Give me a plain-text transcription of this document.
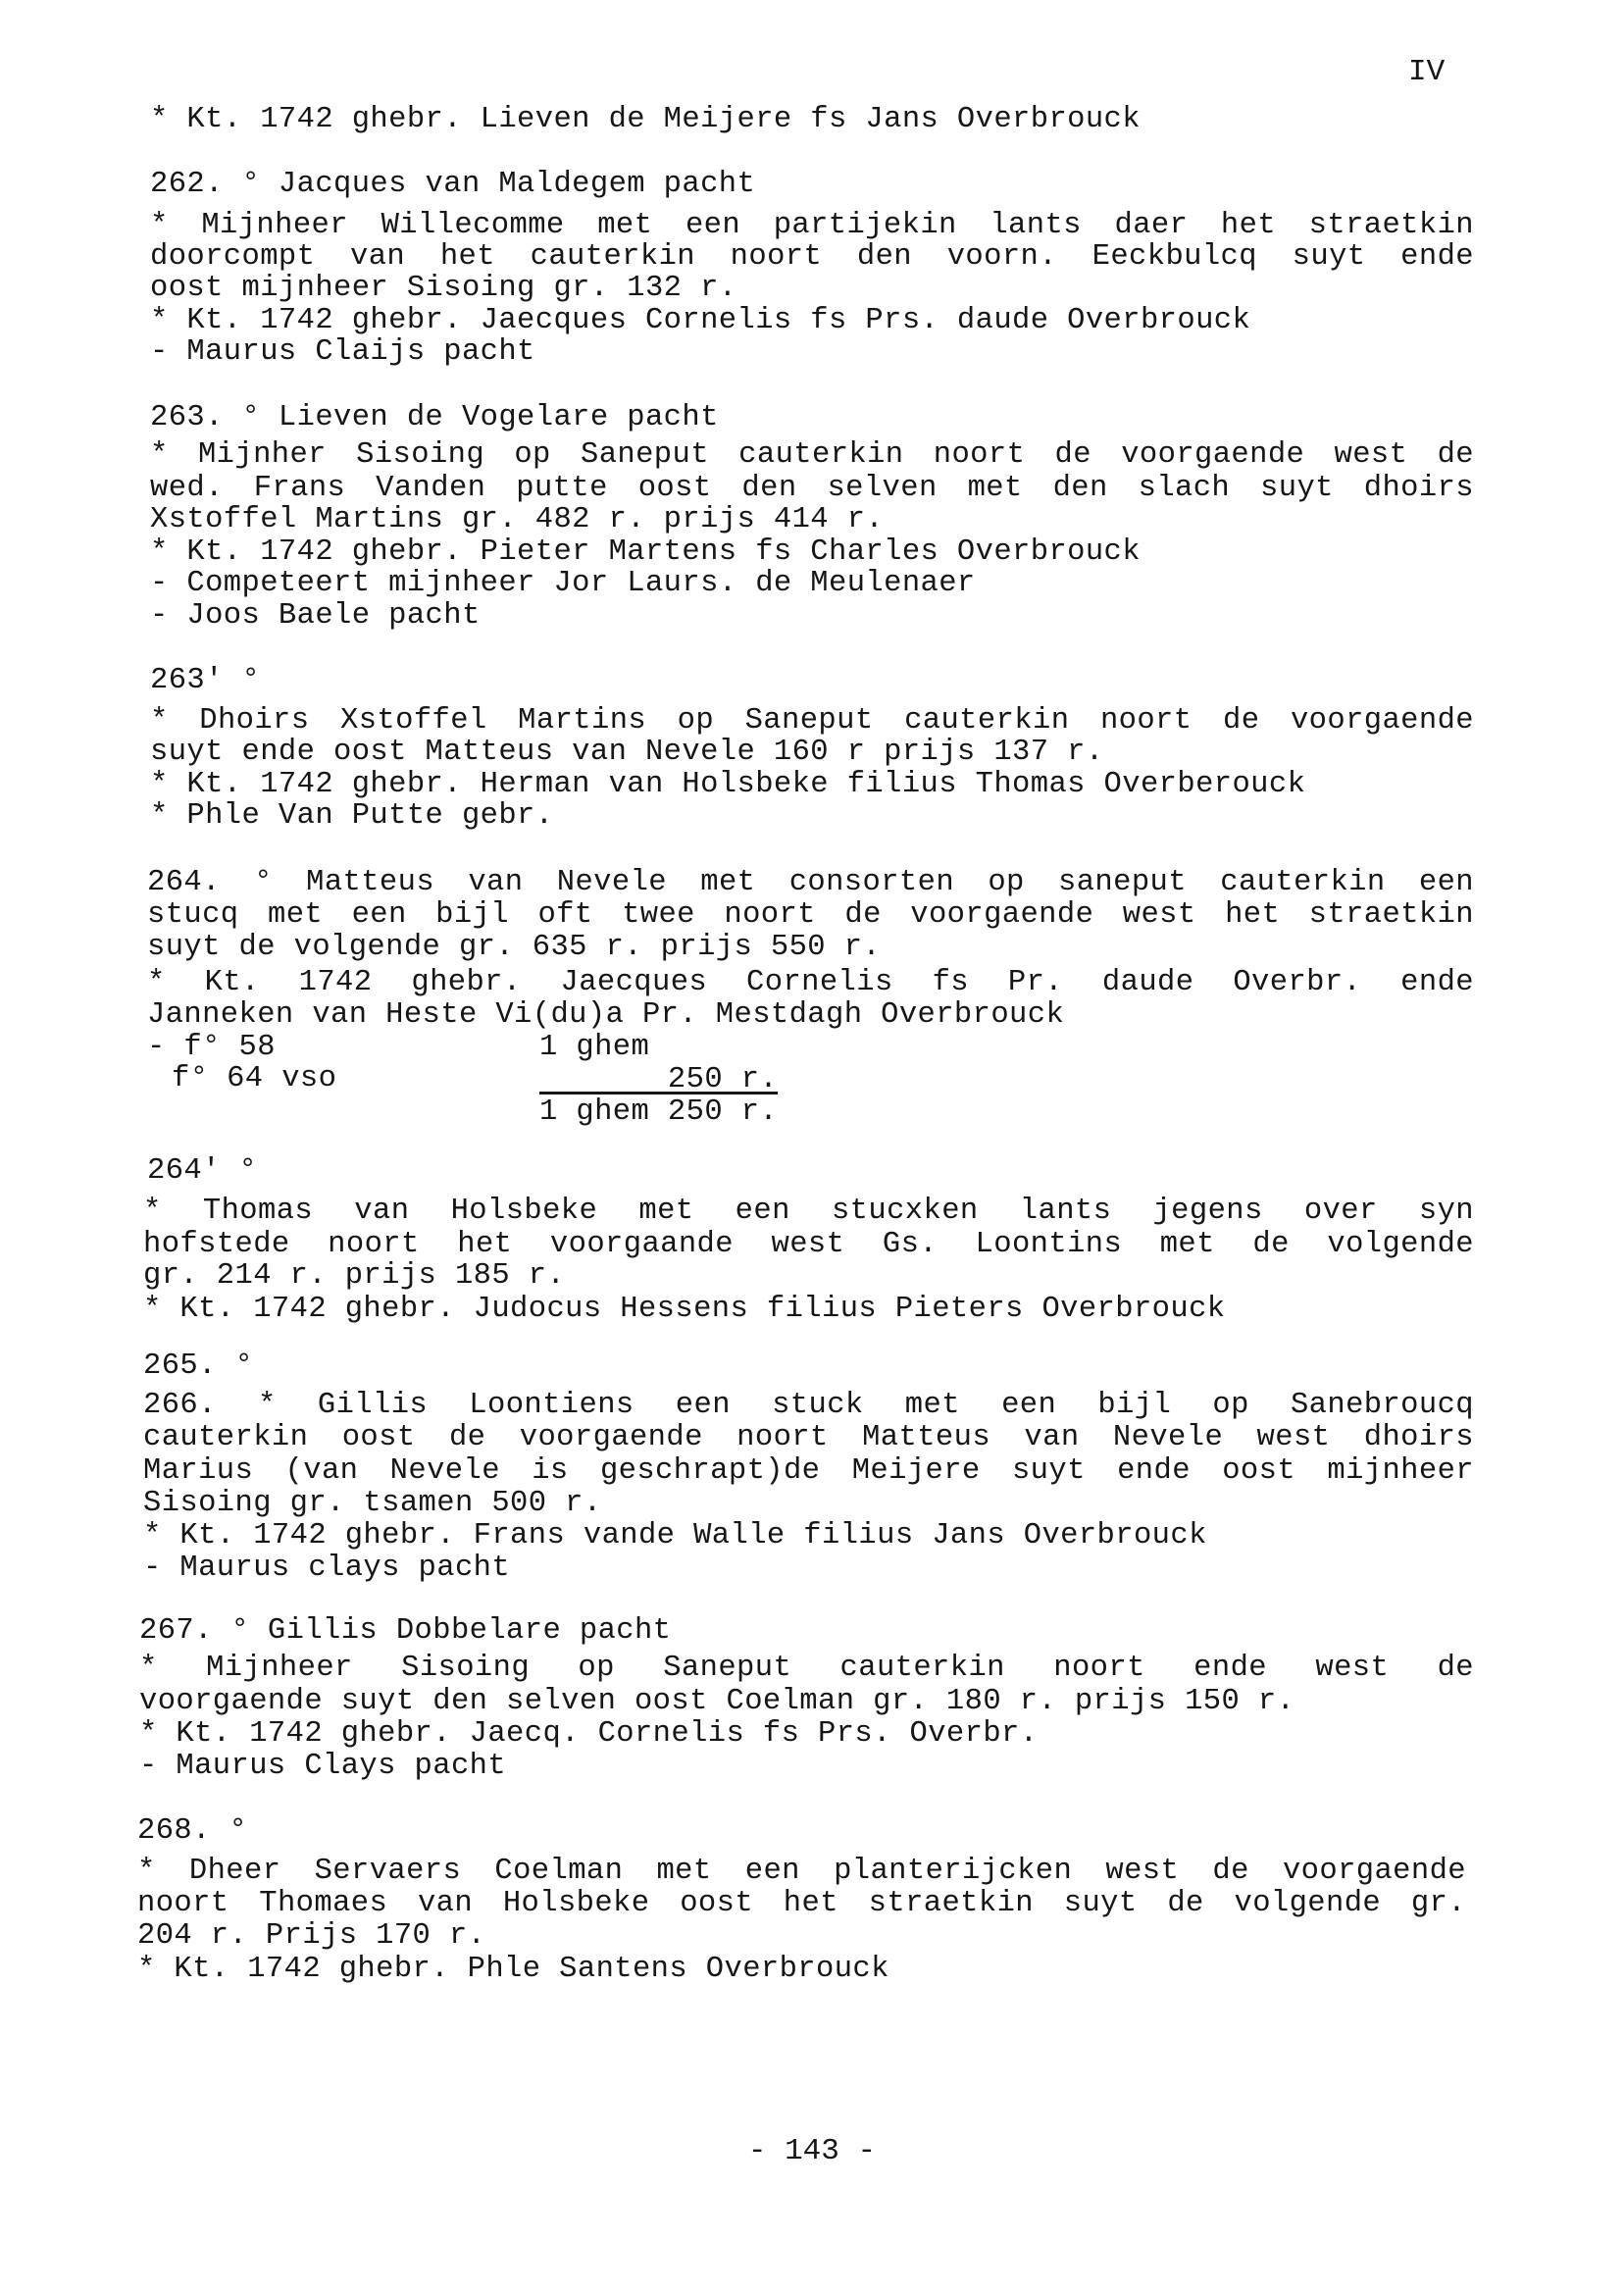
IV
* Kt. 1742 ghebr. Lieven de Meijere fs Jans Overbrouck
262. ° Jacques van Maldegem pacht
* Mijnheer Willecomme met een partijekin lants daer het straetkin
doorcompt van het cauterkin noort den voorn. Eeckbulcq suyt ende
oost mijnheer Sisoing gr. 132 r.
* Kt. 1742 ghebr. Jaecques Cornelis fs Prs. daude Overbrouck
- Maurus Claijs pacht
263. ° Lieven de Vogelare pacht
* Mijnher Sisoing op Saneput cauterkin noort de voorgaende west de
wed. Frans Vanden putte oost den selven met den slach suyt dhoirs
Xstoffel Martins gr. 482 r. prijs 414 r.
* Kt. 1742 ghebr. Pieter Martens fs Charles Overbrouck
- Competeert mijnheer Jor Laurs. de Meulenaer
- Joos Baele pacht
263' °
* Dhoirs Xstoffel Martins op Saneput cauterkin noort de voorgaende
suyt ende oost Matteus van Nevele 160 r prijs 137 r.
* Kt. 1742 ghebr. Herman van Holsbeke filius Thomas Overberouck
* Phle Van Putte gebr.
264. ° Matteus van Nevele met consorten op saneput cauterkin een
stucq met een bijl oft twee noort de voorgaende west het straetkin
suyt de volgende gr. 635 r. prijs 550 r.
* Kt. 1742 ghebr. Jaecques Cornelis fs Pr. daude Overbr. ende
Janneken van Heste Vi(du)a Pr. Mestdagh Overbrouck
- f° 58
f° 64 vso
264' °
* Thomas van Holsbeke met een stucxken lants jegens over syn
hofstede noort het voorgaande west Gs. Loontins met de volgende
gr. 214 r. prijs 185 r.
* Kt. 1742 ghebr. Judocus Hessens filius Pieters Overbrouck
265. °
266. * Gillis Loontiens een stuck met een bijl op Sanebroucq
cauterkin oost de voorgaende noort Matteus van Nevele west dhoirs
Marius (van Nevele is geschrapt)de Meijere suyt ende oost mijnheer
Sisoing gr. tsamen 500 r.
* Kt. 1742 ghebr. Frans vande Walle filius Jans Overbrouck
- Maurus clays pacht
267. ° Gillis Dobbelare pacht
* Mijnheer Sisoing op Saneput cauterkin noort ende west de
voorgaende suyt den selven oost Coelman gr. 180 r. prijs 150 r.
* Kt. 1742 ghebr. Jaecq. Cornelis fs Prs. Overbr.
- Maurus Clays pacht
268. °
* Dheer Servaers Coelman met een planterijcken west de voorgaende
noort Thomaes van Holsbeke oost het straetkin suyt de volgende gr.
204 r. Prijs 170 r.
* Kt. 1742 ghebr. Phle Santens Overbrouck
1 ghem
250 r.
1 ghem 250 r.
- 143 -
